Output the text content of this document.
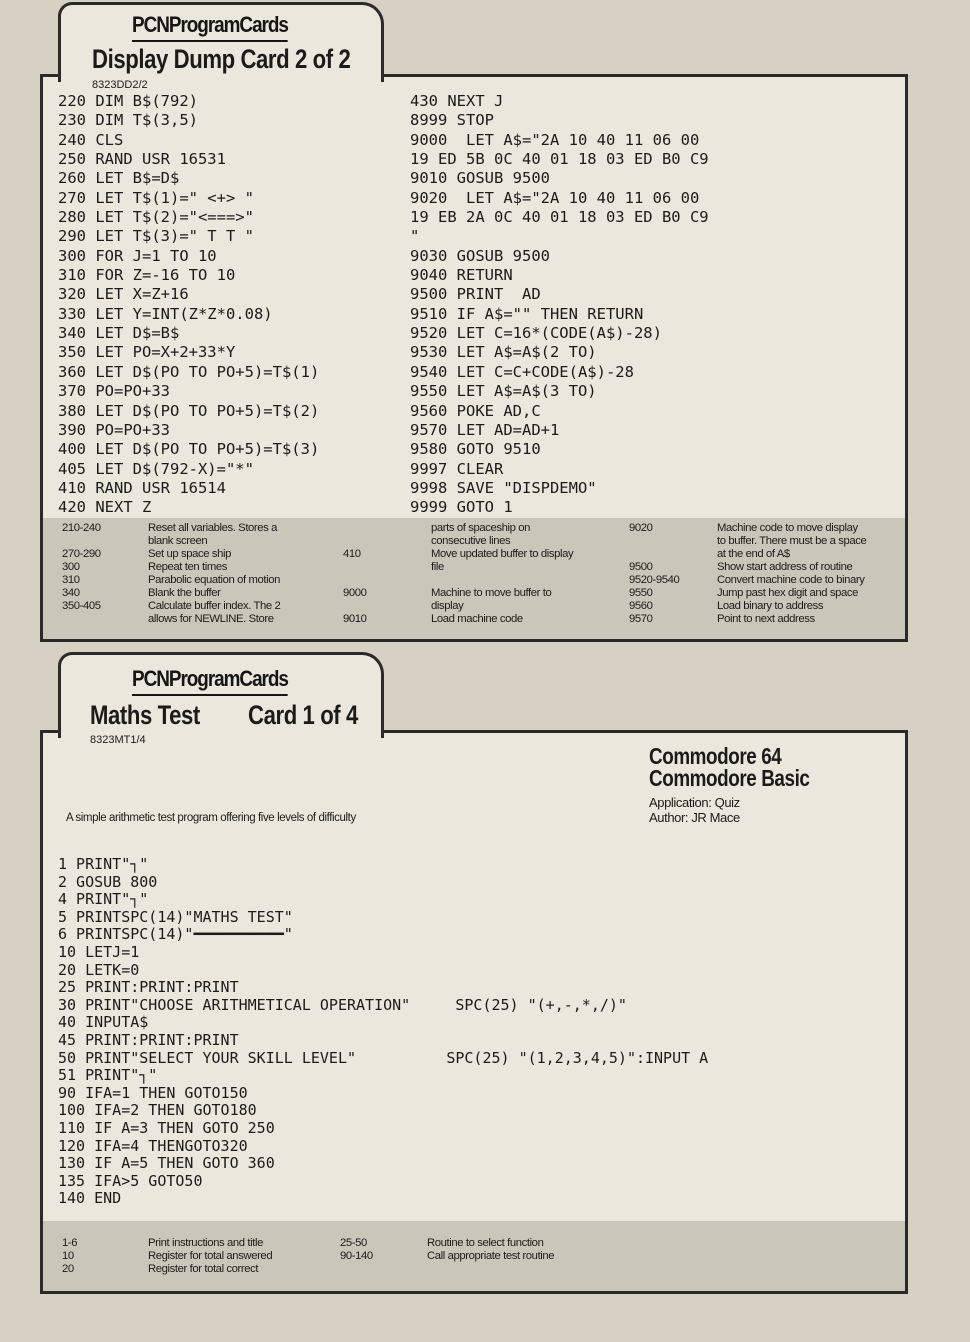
PCNProgramCards
Display Dump Card 2 of 2
8323DD2/2
220 DIM B$(792)
230 DIM T$(3,5)
240 CLS
250 RAND USR 16531
260 LET B$=D$
270 LET T$(1)=" <+> "
280 LET T$(2)="<===>"
290 LET T$(3)=" T T "
300 FOR J=1 TO 10
310 FOR Z=-16 TO 10
320 LET X=Z+16
330 LET Y=INT(Z*Z*0.08)
340 LET D$=B$
350 LET PO=X+2+33*Y
360 LET D$(PO TO PO+5)=T$(1)
370 PO=PO+33
380 LET D$(PO TO PO+5)=T$(2)
390 PO=PO+33
400 LET D$(PO TO PO+5)=T$(3)
405 LET D$(792-X)="*"
410 RAND USR 16514
420 NEXT Z
430 NEXT J
8999 STOP
9000  LET A$="2A 10 40 11 06 00
19 ED 5B 0C 40 01 18 03 ED B0 C9
9010 GOSUB 9500
9020  LET A$="2A 10 40 11 06 00
19 EB 2A 0C 40 01 18 03 ED B0 C9
"
9030 GOSUB 9500
9040 RETURN
9500 PRINT  AD
9510 IF A$="" THEN RETURN
9520 LET C=16*(CODE(A$)-28)
9530 LET A$=A$(2 TO)
9540 LET C=C+CODE(A$)-28
9550 LET A$=A$(3 TO)
9560 POKE AD,C
9570 LET AD=AD+1
9580 GOTO 9510
9997 CLEAR
9998 SAVE "DISPDEMO"
9999 GOTO 1
210-240	Reset all variables. Stores a
blank screen
270-290	Set up space ship
300	Repeat ten times
310	Parabolic equation of motion
340	Blank the buffer
350-405	Calculate buffer index. The 2
allows for NEWLINE. Store
parts of spaceship on
consecutive lines
410	Move updated buffer to display
file
9000	Machine to move buffer to
display
9010	Load machine code
9020	Machine code to move display
to buffer. There must be a space
at the end of A$
9500	Show start address of routine
9520-9540	Convert machine code to binary
9550	Jump past hex digit and space
9560	Load binary to address
9570	Point to next address
PCNProgramCards
Maths Test Card 1 of 4
8323MT1/4
Commodore 64
Commodore Basic
Application: Quiz
Author: JR Mace
A simple arithmetic test program offering five levels of difficulty
1 PRINT"┐"
2 GOSUB 800
4 PRINT"┐"
5 PRINTSPC(14)"MATHS TEST"
6 PRINTSPC(14)"━━━━━━━━━━"
10 LETJ=1
20 LETK=0
25 PRINT:PRINT:PRINT
30 PRINT"CHOOSE ARITHMETICAL OPERATION"     SPC(25) "(+,-,*,/)"
40 INPUTA$
45 PRINT:PRINT:PRINT
50 PRINT"SELECT YOUR SKILL LEVEL"          SPC(25) "(1,2,3,4,5)":INPUT A
51 PRINT"┐"
90 IFA=1 THEN GOTO150
100 IFA=2 THEN GOTO180
110 IF A=3 THEN GOTO 250
120 IFA=4 THENGOTO320
130 IF A=5 THEN GOTO 360
135 IFA>5 GOTO50
140 END
1-6	Print instructions and title
10	Register for total answered
20	Register for total correct
25-50	Routine to select function
90-140	Call appropriate test routine
